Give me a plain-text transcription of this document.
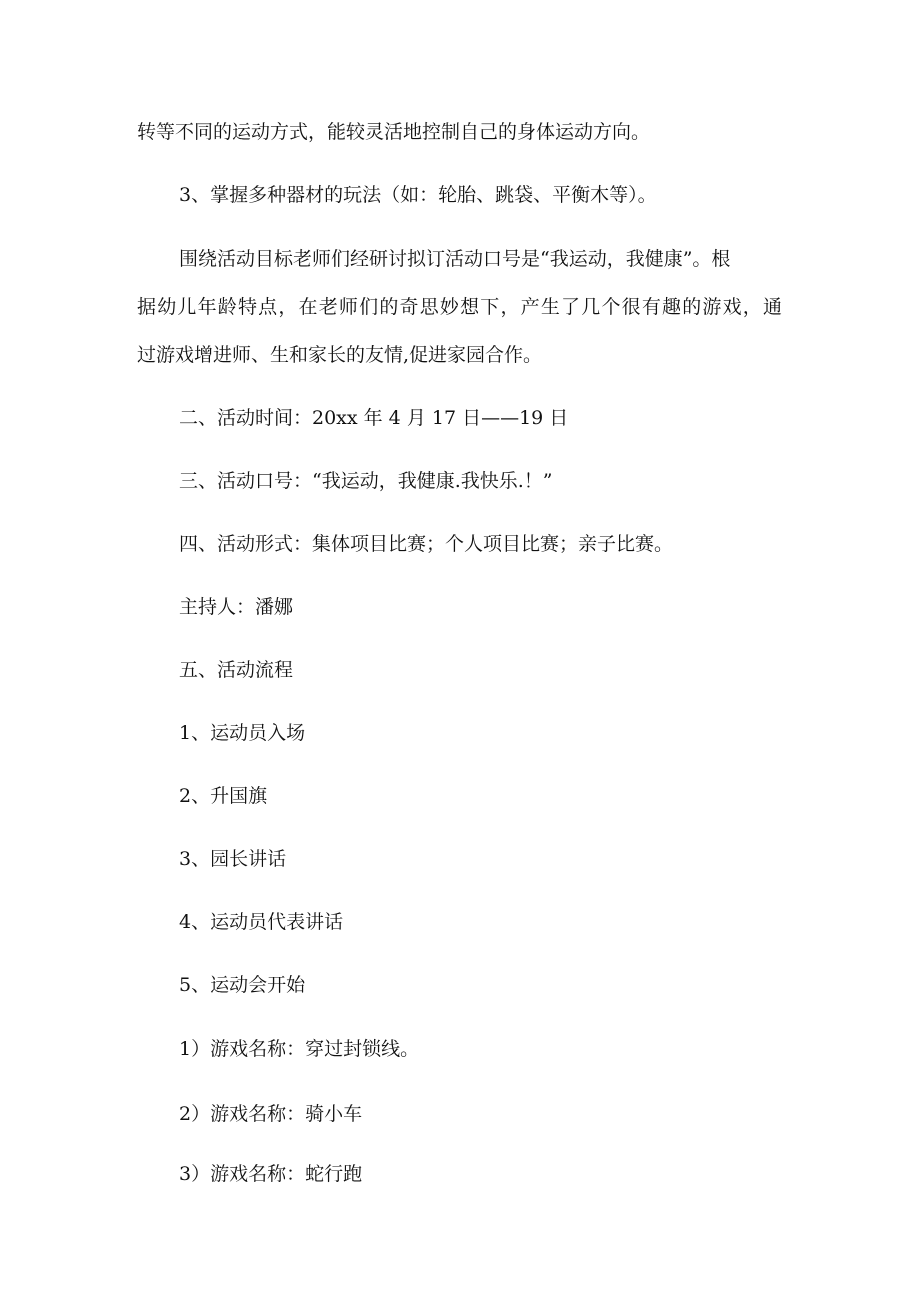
转等不同的运动方式，能较灵活地控制自己的身体运动方向。

3、掌握多种器材的玩法（如：轮胎、跳袋、平衡木等）。

围绕活动目标老师们经研讨拟订活动口号是“我运动，我健康”。根

据幼儿年龄特点，在老师们的奇思妙想下，产生了几个很有趣的游戏，通

过游戏增进师、生和家长的友情,促进家园合作。

二、活动时间：20xx 年 4 月 17 日——19 日

三、活动口号：“我运动，我健康.我快乐.！”

四、活动形式：集体项目比赛；个人项目比赛；亲子比赛。

主持人：潘娜

五、活动流程

1、运动员入场

2、升国旗

3、园长讲话

4、运动员代表讲话

5、运动会开始

1）游戏名称：穿过封锁线。

2）游戏名称：骑小车

3）游戏名称：蛇行跑
